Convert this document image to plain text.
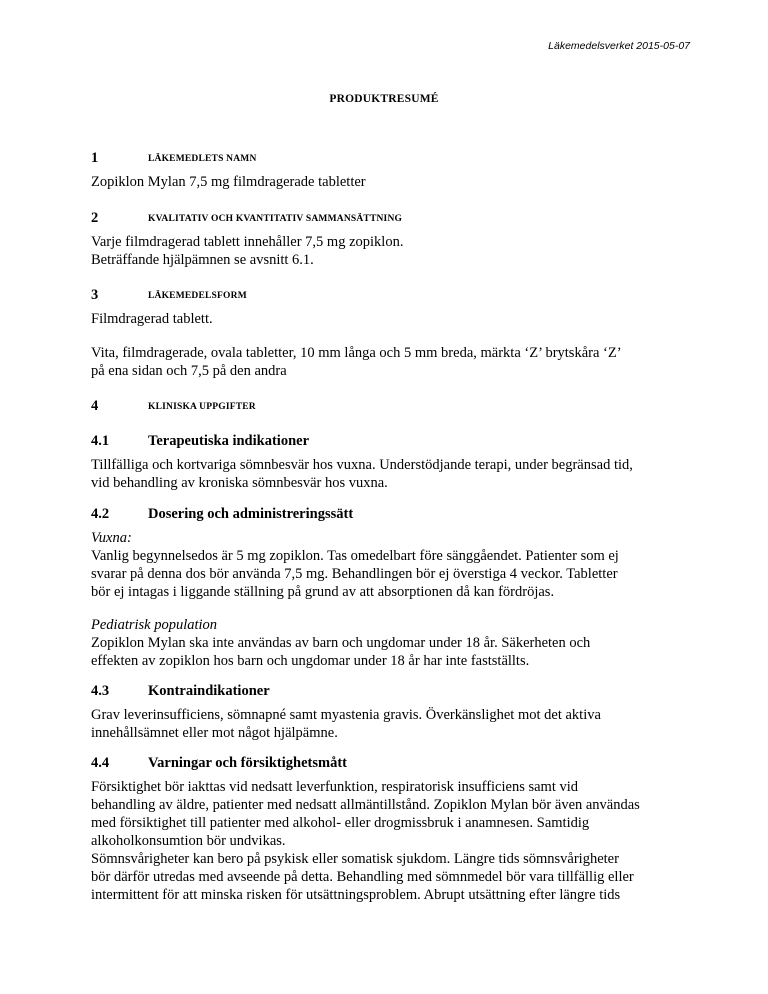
Läkemedelsverket 2015-05-07
PRODUKTRESUMÉ
1	LÄKEMEDLETS NAMN
Zopiklon Mylan 7,5 mg filmdragerade tabletter
2	KVALITATIV OCH KVANTITATIV SAMMANSÄTTNING
Varje filmdragerad tablett innehåller 7,5 mg zopiklon.
Beträffande hjälpämnen se avsnitt 6.1.
3	LÄKEMEDELSFORM
Filmdragerad tablett.
Vita, filmdragerade, ovala tabletter, 10 mm långa och 5 mm breda, märkta ‘Z’ brytskåra ‘Z’
på ena sidan och 7,5 på den andra
4	KLINISKA UPPGIFTER
4.1	Terapeutiska indikationer
Tillfälliga och kortvariga sömnbesvär hos vuxna. Understödjande terapi, under begränsad tid,
vid behandling av kroniska sömnbesvär hos vuxna.
4.2	Dosering och administreringssätt
Vuxna:
Vanlig begynnelsedos är 5 mg zopiklon. Tas omedelbart före sänggåendet. Patienter som ej
svarar på denna dos bör använda 7,5 mg. Behandlingen bör ej överstiga 4 veckor. Tabletter
bör ej intagas i liggande ställning på grund av att absorptionen då kan fördröjas.
Pediatrisk population
Zopiklon Mylan ska inte användas av barn och ungdomar under 18 år. Säkerheten och
effekten av zopiklon hos barn och ungdomar under 18 år har inte fastställts.
4.3	Kontraindikationer
Grav leverinsufficiens, sömnapné samt myastenia gravis. Överkänslighet mot det aktiva
innehållsämnet eller mot något hjälpämne.
4.4	Varningar och försiktighetsmått
Försiktighet bör iakttas vid nedsatt leverfunktion, respiratorisk insufficiens samt vid
behandling av äldre, patienter med nedsatt allmäntillstånd. Zopiklon Mylan bör även användas
med försiktighet till patienter med alkohol- eller drogmissbruk i anamnesen. Samtidig
alkoholkonsumtion bör undvikas.
Sömnsvårigheter kan bero på psykisk eller somatisk sjukdom. Längre tids sömnsvårigheter
bör därför utredas med avseende på detta. Behandling med sömnmedel bör vara tillfällig eller
intermittent för att minska risken för utsättningsproblem. Abrupt utsättning efter längre tids
